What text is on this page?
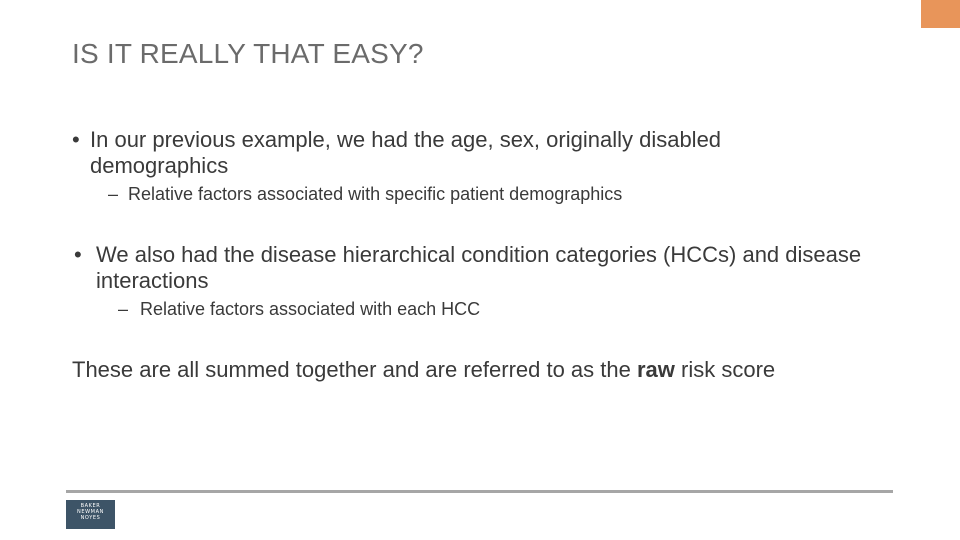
IS IT REALLY THAT EASY?
• In our previous example, we had the age, sex, originally disabled demographics
– Relative factors associated with specific patient demographics
• We also had the disease hierarchical condition categories (HCCs) and disease interactions
– Relative factors associated with each HCC
These are all summed together and are referred to as the raw risk score
BAKER
NEWMAN
NOYES
